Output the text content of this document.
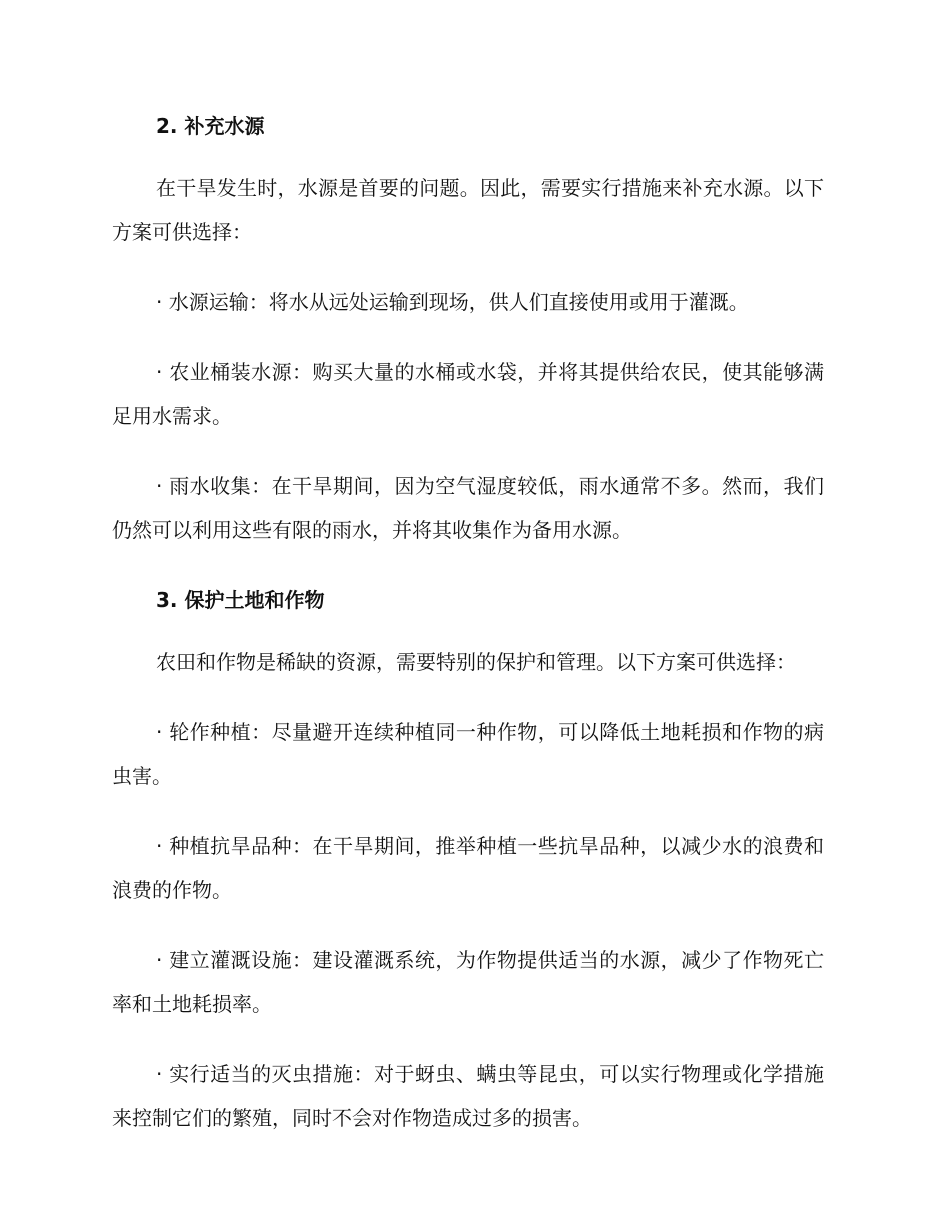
2. 补充水源

在干旱发生时，水源是首要的问题。因此，需要实行措施来补充水源。以下方案可供选择：

· 水源运输：将水从远处运输到现场，供人们直接使用或用于灌溉。

· 农业桶装水源：购买大量的水桶或水袋，并将其提供给农民，使其能够满足用水需求。

· 雨水收集：在干旱期间，因为空气湿度较低，雨水通常不多。然而，我们仍然可以利用这些有限的雨水，并将其收集作为备用水源。

3. 保护土地和作物

农田和作物是稀缺的资源，需要特别的保护和管理。以下方案可供选择：

· 轮作种植：尽量避开连续种植同一种作物，可以降低土地耗损和作物的病虫害。

· 种植抗旱品种：在干旱期间，推举种植一些抗旱品种，以减少水的浪费和浪费的作物。

· 建立灌溉设施：建设灌溉系统，为作物提供适当的水源，减少了作物死亡率和土地耗损率。

· 实行适当的灭虫措施：对于蚜虫、螨虫等昆虫，可以实行物理或化学措施来控制它们的繁殖，同时不会对作物造成过多的损害。
